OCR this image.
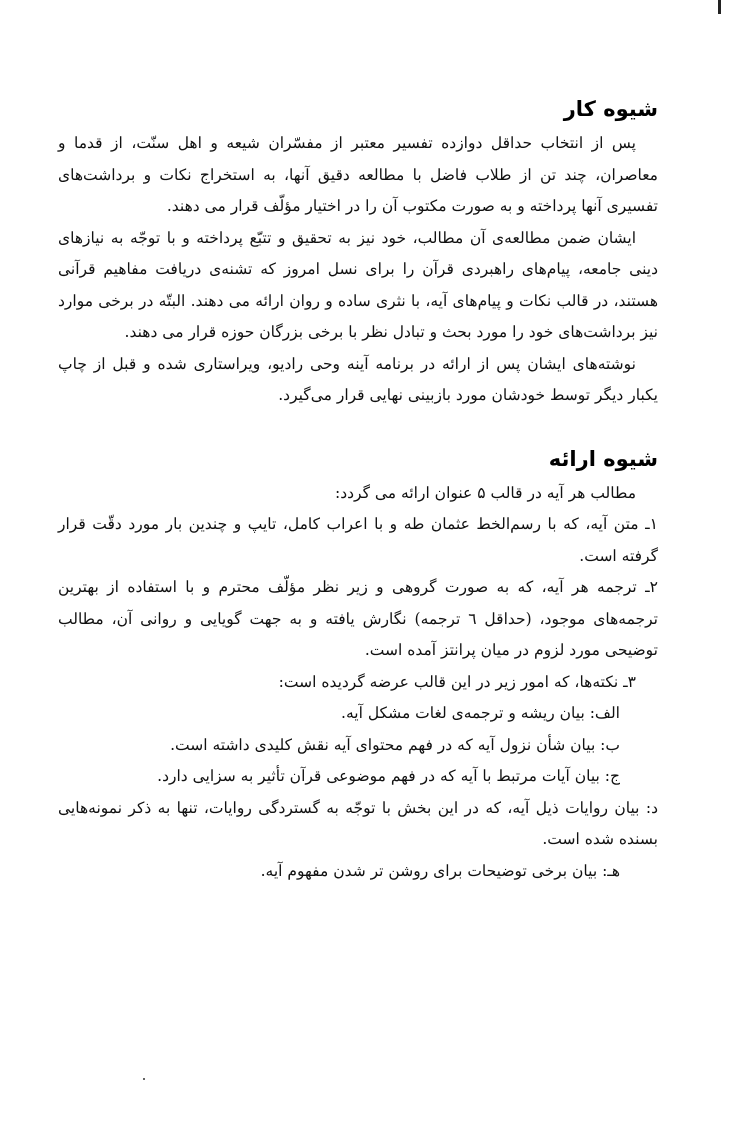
شیوه کار

پس از انتخاب حداقل دوازده تفسیر معتبر از مفسّران شیعه و اهل سنّت، از قدما و معاصران، چند تن از طلاب فاضل با مطالعه دقیق آنها، به استخراج نکات و برداشت‌های تفسیری آنها پرداخته و به صورت مکتوب آن را در اختیار مؤلّف قرار می دهند.

ایشان ضمن مطالعه‌ی آن مطالب، خود نیز به تحقیق و تتبّع پرداخته و با توجّه به نیازهای دینی جامعه، پیام‌های راهبردی قرآن را برای نسل امروز که تشنه‌ی دریافت مفاهیم قرآنی هستند، در قالب نکات و پیام‌های آیه، با نثری ساده و روان ارائه می دهند. البتّه در برخی موارد نیز برداشت‌های خود را مورد بحث و تبادل نظر با برخی بزرگان حوزه قرار می دهند.

نوشته‌های ایشان پس از ارائه در برنامه آینه وحی رادیو، ویراستاری شده و قبل از چاپ یکبار دیگر توسط خودشان مورد بازبینی نهایی قرار می‌گیرد.

شیوه ارائه

مطالب هر آیه در قالب ۵ عنوان ارائه می گردد:

۱ـ متن آیه، که با رسم‌الخط عثمان طه و با اعراب کامل، تایپ و چندین بار مورد دقّت قرار گرفته است.

۲ـ ترجمه هر آیه، که به صورت گروهی و زیر نظر مؤلّف محترم و با استفاده از بهترین ترجمه‌های موجود، (حداقل ٦ ترجمه) نگارش یافته و به جهت گویایی و روانی آن، مطالب توضیحی مورد لزوم در میان پرانتز آمده است.

۳ـ نکته‌ها، که امور زیر در این قالب عرضه گردیده است:

الف: بیان ریشه و ترجمه‌ی لغات مشکل آیه.

ب: بیان شأن نزول آیه که در فهم محتوای آیه نقش کلیدی داشته است.

ج: بیان آیات مرتبط با آیه که در فهم موضوعی قرآن تأثیر به سزایی دارد.

د: بیان روایات ذیل آیه، که در این بخش با توجّه به گستردگی روایات، تنها به ذکر نمونه‌هایی بسنده شده است.

هـ: بیان برخی توضیحات برای روشن تر شدن مفهوم آیه.
